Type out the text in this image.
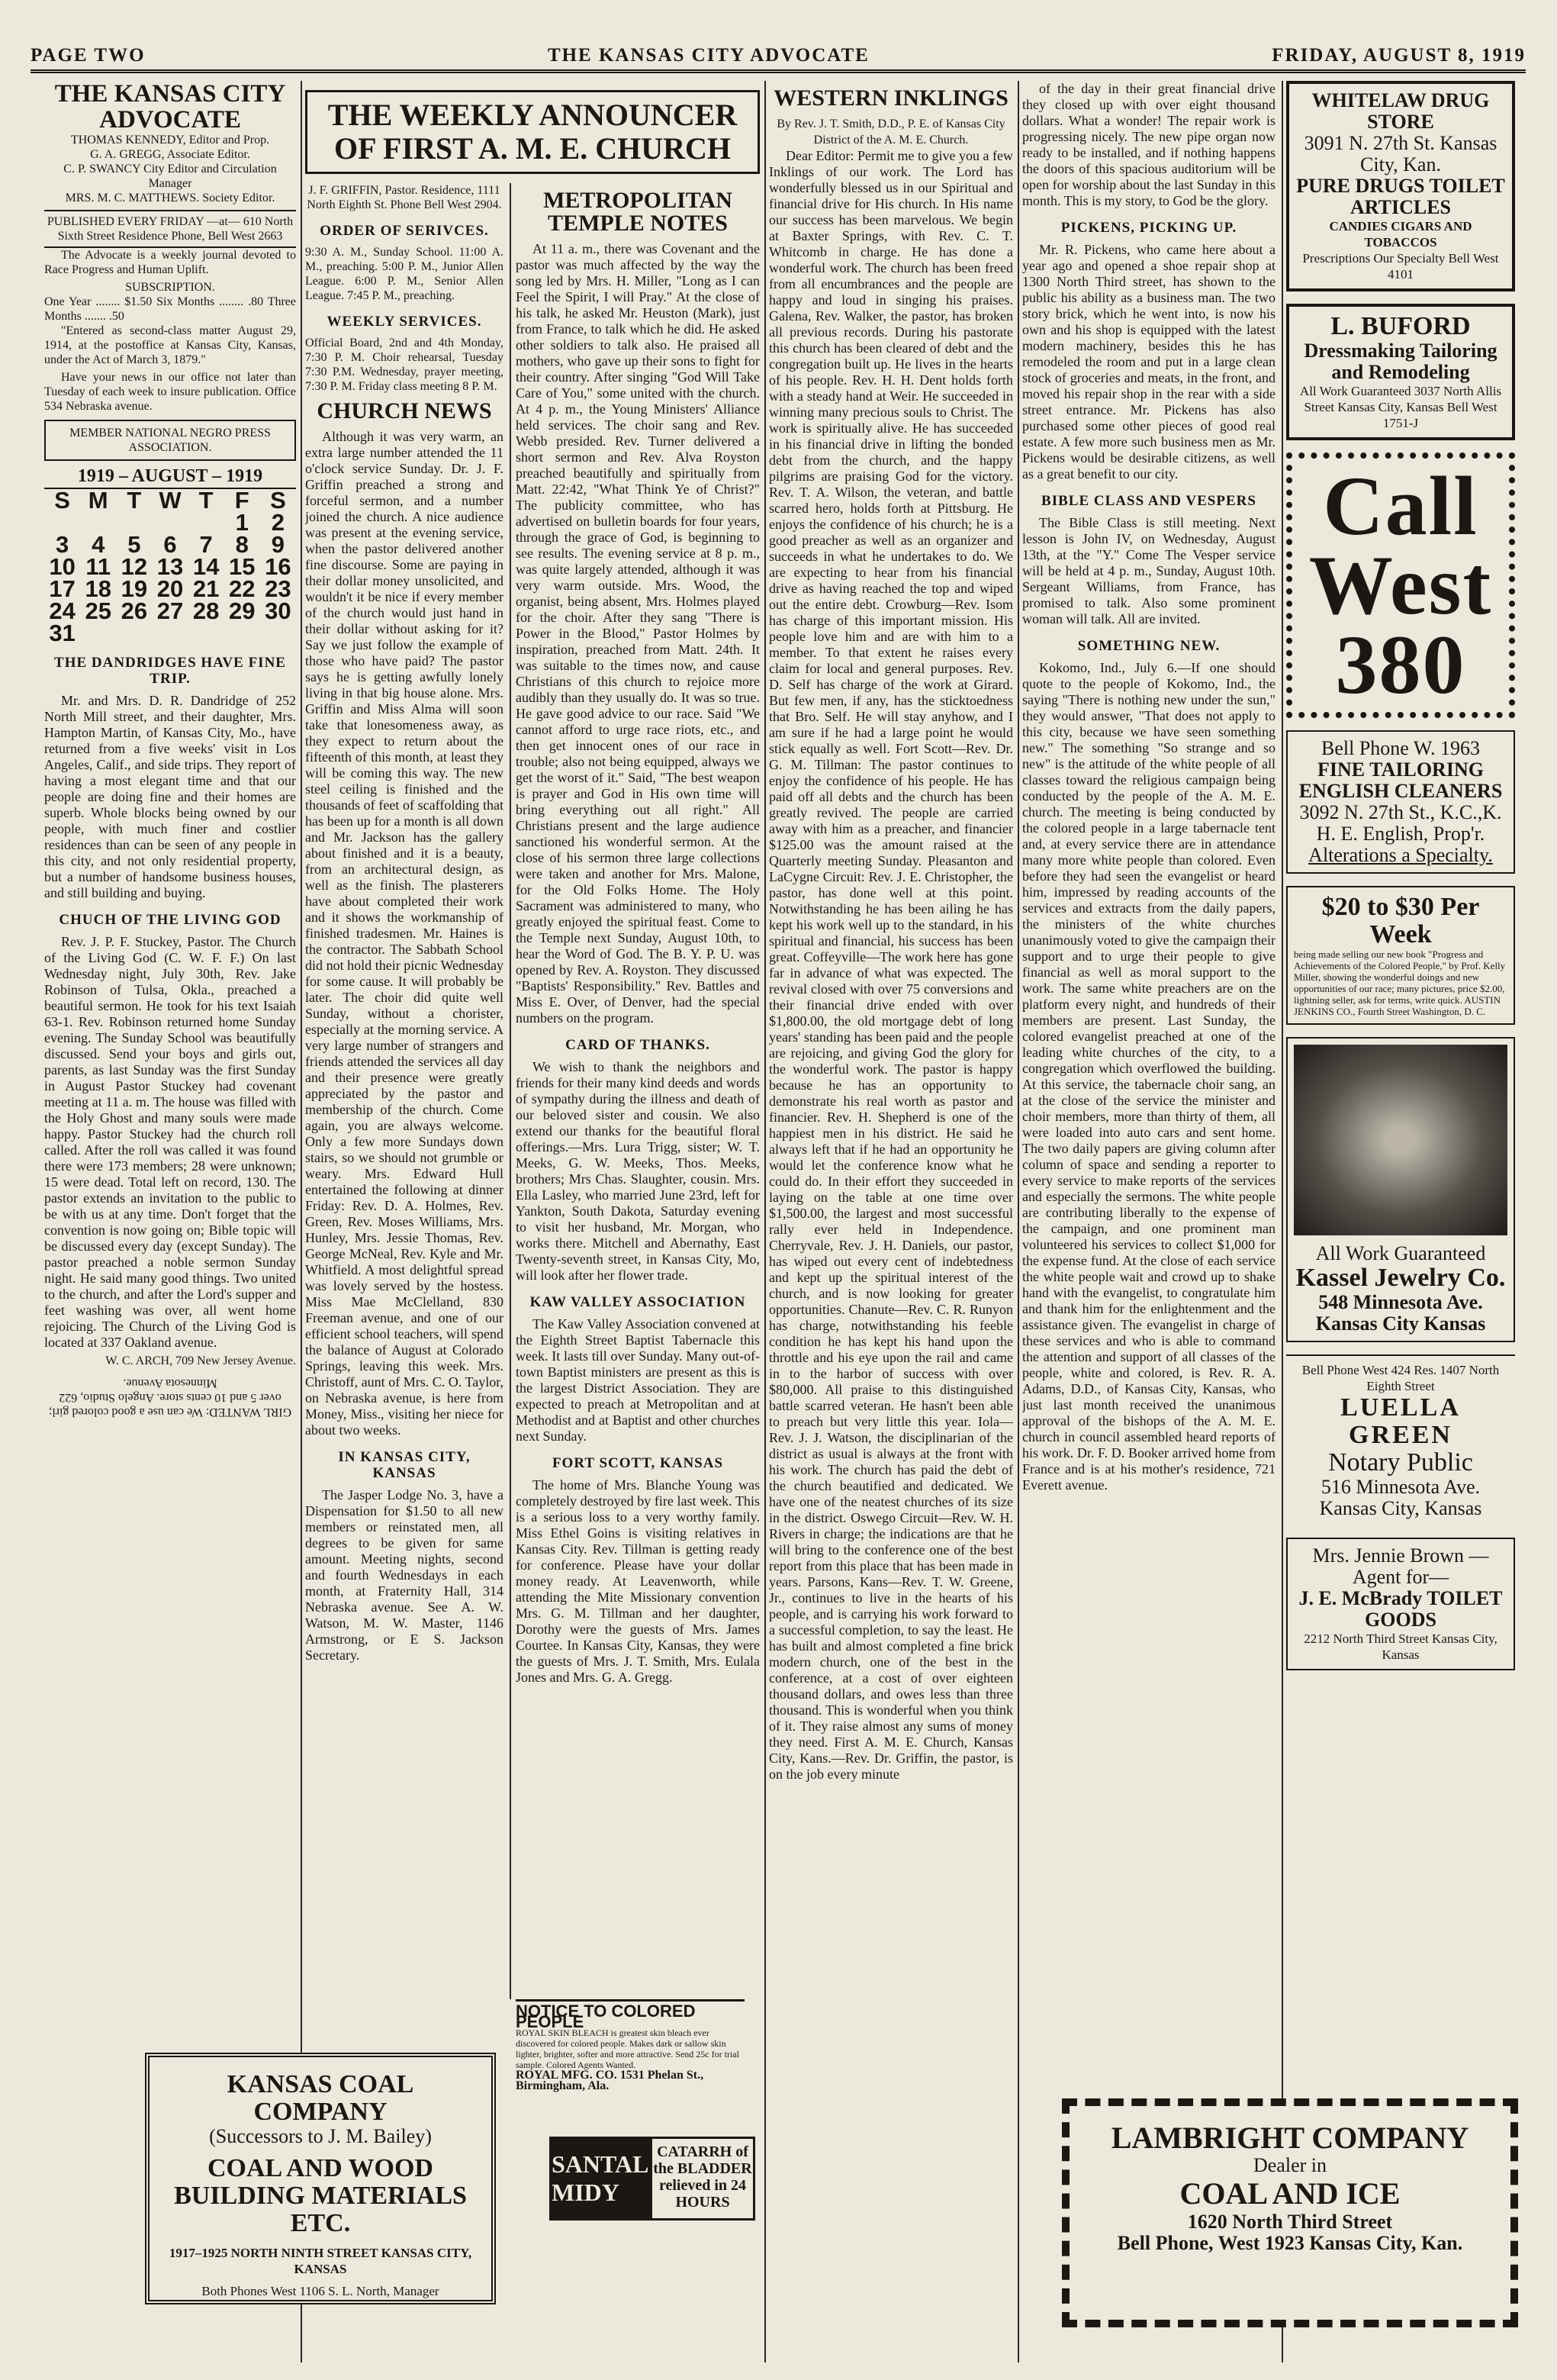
PAGE TWO	THE KANSAS CITY ADVOCATE	FRIDAY, AUGUST 8, 1919
THE KANSAS CITY ADVOCATE
THOMAS KENNEDY, Editor and Prop.
G. A. GREGG, Associate Editor.
C. P. SWANCY City Editor and Circulation Manager
MRS. M. C. MATTHEWS. Society Editor.
PUBLISHED EVERY FRIDAY —at— 610 North Sixth Street Residence Phone, Bell West 2663

The Advocate is a weekly journal devoted to Race Progress and Human Uplift.

SUBSCRIPTION.
One Year ........ $1.50 Six Months ........ .80 Three Months ....... .50

"Entered as second-class matter August 29, 1914, at the postoffice at Kansas City, Kansas, under the Act of March 3, 1879."

Have your news in our office not later than Tuesday of each week to insure publication. Office 534 Nebraska avenue.

MEMBER NATIONAL NEGRO PRESS ASSOCIATION.
1919 – AUGUST – 1919
S	M	T	W	T	F	S
					1	2
3	4	5	6	7	8	9
10	11	12	13	14	15	16
17	18	19	20	21	22	23
24	25	26	27	28	29	30
31						
THE DANDRIDGES HAVE FINE TRIP.

Mr. and Mrs. D. R. Dandridge of 252 North Mill street, and their daughter, Mrs. Hampton Martin, of Kansas City, Mo., have returned from a five weeks' visit in Los Angeles, Calif., and side trips. They report of having a most elegant time and that our people are doing fine and their homes are superb. Whole blocks being owned by our people, with much finer and costlier residences than can be seen of any people in this city, and not only residential property, but a number of handsome business houses, and still building and buying.

CHUCH OF THE LIVING GOD

Rev. J. P. F. Stuckey, Pastor. The Church of the Living God (C. W. F. F.) On last Wednesday night, July 30th, Rev. Jake Robinson of Tulsa, Okla., preached a beautiful sermon. He took for his text Isaiah 63-1. Rev. Robinson returned home Sunday evening. The Sunday School was beautifully discussed. Send your boys and girls out, parents, as last Sunday was the first Sunday in August Pastor Stuckey had covenant meeting at 11 a. m. The house was filled with the Holy Ghost and many souls were made happy. Pastor Stuckey had the church roll called. After the roll was called it was found there were 173 members; 28 were unknown; 15 were dead. Total left on record, 130. The pastor extends an invitation to the public to be with us at any time. Don't forget that the convention is now going on; Bible topic will be discussed every day (except Sunday). The pastor preached a noble sermon Sunday night. He said many good things. Two united to the church, and after the Lord's supper and feet washing was over, all went home rejoicing. The Church of the Living God is located at 337 Oakland avenue.

W. C. ARCH, 709 New Jersey Avenue.
GIRL WANTED: We can use a good colored girl; over 5 and 10 cents store. Angelo Studio, 622 Minnesota Avenue.
THE WEEKLY ANNOUNCER
OF FIRST A. M. E. CHURCH
J. F. GRIFFIN, Pastor. Residence, 1111 North Eighth St. Phone Bell West 2904.
ORDER OF SERIVCES.
9:30 A. M., Sunday School. 11:00 A. M., preaching. 5:00 P. M., Junior Allen League. 6:00 P. M., Senior Allen League. 7:45 P. M., preaching.
WEEKLY SERVICES.
Official Board, 2nd and 4th Monday, 7:30 P. M. Choir rehearsal, Tuesday 7:30 P.M. Wednesday, prayer meeting, 7:30 P. M. Friday class meeting 8 P. M.
CHURCH NEWS

Although it was very warm, an extra large number attended the 11 o'clock service Sunday. Dr. J. F. Griffin preached a strong and forceful sermon, and a number joined the church. A nice audience was present at the evening service, when the pastor delivered another fine discourse. Some are paying in their dollar money unsolicited, and wouldn't it be nice if every member of the church would just hand in their dollar without asking for it? Say we just follow the example of those who have paid? The pastor says he is getting awfully lonely living in that big house alone. Mrs. Griffin and Miss Alma will soon take that lonesomeness away, as they expect to return about the fifteenth of this month, at least they will be coming this way. The new steel ceiling is finished and the thousands of feet of scaffolding that has been up for a month is all down and Mr. Jackson has the gallery about finished and it is a beauty, from an architectural design, as well as the finish. The plasterers have about completed their work and it shows the workmanship of finished tradesmen. Mr. Haines is the contractor. The Sabbath School did not hold their picnic Wednesday for some cause. It will probably be later. The choir did quite well Sunday, without a chorister, especially at the morning service. A very large number of strangers and friends attended the services all day and their presence were greatly appreciated by the pastor and membership of the church. Come again, you are always welcome. Only a few more Sundays down stairs, so we should not grumble or weary. Mrs. Edward Hull entertained the following at dinner Friday: Rev. D. A. Holmes, Rev. Green, Rev. Moses Williams, Mrs. Hunley, Mrs. Jessie Thomas, Rev. George McNeal, Rev. Kyle and Mr. Whitfield. A most delightful spread was lovely served by the hostess. Miss Mae McClelland, 830 Freeman avenue, and one of our efficient school teachers, will spend the balance of August at Colorado Springs, leaving this week. Mrs. Christoff, aunt of Mrs. C. O. Taylor, on Nebraska avenue, is here from Money, Miss., visiting her niece for about two weeks.

IN KANSAS CITY, KANSAS

The Jasper Lodge No. 3, have a Dispensation for $1.50 to all new members or reinstated men, all degrees to be given for same amount. Meeting nights, second and fourth Wednesdays in each month, at Fraternity Hall, 314 Nebraska avenue. See A. W. Watson, M. W. Master, 1146 Armstrong, or E S. Jackson Secretary.

METROPOLITAN TEMPLE NOTES

At 11 a. m., there was Covenant and the pastor was much affected by the way the song led by Mrs. H. Miller, "Long as I can Feel the Spirit, I will Pray." At the close of his talk, he asked Mr. Heuston (Mark), just from France, to talk which he did. He asked other soldiers to talk also. He praised all mothers, who gave up their sons to fight for their country. After singing "God Will Take Care of You," some united with the church. At 4 p. m., the Young Ministers' Alliance held services. The choir sang and Rev. Webb presided. Rev. Turner delivered a short sermon and Rev. Alva Royston preached beautifully and spiritually from Matt. 22:42, "What Think Ye of Christ?" The publicity committee, who has advertised on bulletin boards for four years, through the grace of God, is beginning to see results. The evening service at 8 p. m., was quite largely attended, although it was very warm outside. Mrs. Wood, the organist, being absent, Mrs. Holmes played for the choir. After they sang "There is Power in the Blood," Pastor Holmes by inspiration, preached from Matt. 24th. It was suitable to the times now, and cause Christians of this church to rejoice more audibly than they usually do. It was so true. He gave good advice to our race. Said "We cannot afford to urge race riots, etc., and then get innocent ones of our race in trouble; also not being equipped, always we get the worst of it." Said, "The best weapon is prayer and God in His own time will bring everything out all right." All Christians present and the large audience sanctioned his wonderful sermon. At the close of his sermon three large collections were taken and another for Mrs. Malone, for the Old Folks Home. The Holy Sacrament was administered to many, who greatly enjoyed the spiritual feast. Come to the Temple next Sunday, August 10th, to hear the Word of God. The B. Y. P. U. was opened by Rev. A. Royston. They discussed "Baptists' Responsibility." Rev. Battles and Miss E. Over, of Denver, had the special numbers on the program.

CARD OF THANKS.

We wish to thank the neighbors and friends for their many kind deeds and words of sympathy during the illness and death of our beloved sister and cousin. We also extend our thanks for the beautiful floral offerings.—Mrs. Lura Trigg, sister; W. T. Meeks, G. W. Meeks, Thos. Meeks, brothers; Mrs Chas. Slaughter, cousin. Mrs. Ella Lasley, who married June 23rd, left for Yankton, South Dakota, Saturday evening to visit her husband, Mr. Morgan, who works there. Mitchell and Abernathy, East Twenty-seventh street, in Kansas City, Mo, will look after her flower trade.

KAW VALLEY ASSOCIATION

The Kaw Valley Association convened at the Eighth Street Baptist Tabernacle this week. It lasts till over Sunday. Many out-of-town Baptist ministers are present as this is the largest District Association. They are expected to preach at Metropolitan and at Methodist and at Baptist and other churches next Sunday.

FORT SCOTT, KANSAS

The home of Mrs. Blanche Young was completely destroyed by fire last week. This is a serious loss to a very worthy family. Miss Ethel Goins is visiting relatives in Kansas City. Rev. Tillman is getting ready for conference. Please have your dollar money ready. At Leavenworth, while attending the Mite Missionary convention Mrs. G. M. Tillman and her daughter, Dorothy were the guests of Mrs. James Courtee. In Kansas City, Kansas, they were the guests of Mrs. J. T. Smith, Mrs. Eulala Jones and Mrs. G. A. Gregg.

WESTERN INKLINGS
By Rev. J. T. Smith, D.D., P. E. of Kansas City District of the A. M. E. Church.

Dear Editor: Permit me to give you a few Inklings of our work. The Lord has wonderfully blessed us in our Spiritual and financial drive for His church. In His name our success has been marvelous. We begin at Baxter Springs, with Rev. C. T. Whitcomb in charge. He has done a wonderful work. The church has been freed from all encumbrances and the people are happy and loud in singing his praises. Galena, Rev. Walker, the pastor, has broken all previous records. During his pastorate this church has been cleared of debt and the congregation built up. He lives in the hearts of his people. Rev. H. H. Dent holds forth with a steady hand at Weir. He succeeded in winning many precious souls to Christ. The work is spiritually alive. He has succeeded in his financial drive in lifting the bonded debt from the church, and the happy pilgrims are praising God for the victory. Rev. T. A. Wilson, the veteran, and battle scarred hero, holds forth at Pittsburg. He enjoys the confidence of his church; he is a good preacher as well as an organizer and succeeds in what he undertakes to do. We are expecting to hear from his financial drive as having reached the top and wiped out the entire debt. Crowburg—Rev. Isom has charge of this important mission. His people love him and are with him to a member. To that extent he raises every claim for local and general purposes. Rev. D. Self has charge of the work at Girard. But few men, if any, has the sticktoedness that Bro. Self. He will stay anyhow, and I am sure if he had a large point he would stick equally as well. Fort Scott—Rev. Dr. G. M. Tillman: The pastor continues to enjoy the confidence of his people. He has paid off all debts and the church has been greatly revived. The people are carried away with him as a preacher, and financier $125.00 was the amount raised at the Quarterly meeting Sunday. Pleasanton and LaCygne Circuit: Rev. J. E. Christopher, the pastor, has done well at this point. Notwithstanding he has been ailing he has kept his work well up to the standard, in his spiritual and financial, his success has been great. Coffeyville—The work here has gone far in advance of what was expected. The revival closed with over 75 conversions and their financial drive ended with over $1,800.00, the old mortgage debt of long years' standing has been paid and the people are rejoicing, and giving God the glory for the wonderful work. The pastor is happy because he has an opportunity to demonstrate his real worth as pastor and financier. Rev. H. Shepherd is one of the happiest men in his district. He said he always left that if he had an opportunity he would let the conference know what he could do. In their effort they succeeded in laying on the table at one time over $1,500.00, the largest and most successful rally ever held in Independence. Cherryvale, Rev. J. H. Daniels, our pastor, has wiped out every cent of indebtedness and kept up the spiritual interest of the church, and is now looking for greater opportunities. Chanute—Rev. C. R. Runyon has charge, notwithstanding his feeble condition he has kept his hand upon the throttle and his eye upon the rail and came in to the harbor of success with over $80,000. All praise to this distinguished battle scarred veteran. He hasn't been able to preach but very little this year. Iola—Rev. J. J. Watson, the disciplinarian of the district as usual is always at the front with his work. The church has paid the debt of the church beautified and dedicated. We have one of the neatest churches of its size in the district. Oswego Circuit—Rev. W. H. Rivers in charge; the indications are that he will bring to the conference one of the best report from this place that has been made in years. Parsons, Kans—Rev. T. W. Greene, Jr., continues to live in the hearts of his people, and is carrying his work forward to a successful completion, to say the least. He has built and almost completed a fine brick modern church, one of the best in the conference, at a cost of over eighteen thousand dollars, and owes less than three thousand. This is wonderful when you think of it. They raise almost any sums of money they need. First A. M. E. Church, Kansas City, Kans.—Rev. Dr. Griffin, the pastor, is on the job every minute

of the day in their great financial drive they closed up with over eight thousand dollars. What a wonder! The repair work is progressing nicely. The new pipe organ now ready to be installed, and if nothing happens the doors of this spacious auditorium will be open for worship about the last Sunday in this month. This is my story, to God be the glory.

PICKENS, PICKING UP.

Mr. R. Pickens, who came here about a year ago and opened a shoe repair shop at 1300 North Third street, has shown to the public his ability as a business man. The two story brick, which he went into, is now his own and his shop is equipped with the latest modern machinery, besides this he has remodeled the room and put in a large clean stock of groceries and meats, in the front, and moved his repair shop in the rear with a side street entrance. Mr. Pickens has also purchased some other pieces of good real estate. A few more such business men as Mr. Pickens would be desirable citizens, as well as a great benefit to our city.

BIBLE CLASS AND VESPERS

The Bible Class is still meeting. Next lesson is John IV, on Wednesday, August 13th, at the "Y." Come The Vesper service will be held at 4 p. m., Sunday, August 10th. Sergeant Williams, from France, has promised to talk. Also some prominent woman will talk. All are invited.

SOMETHING NEW.

Kokomo, Ind., July 6.—If one should quote to the people of Kokomo, Ind., the saying "There is nothing new under the sun," they would answer, "That does not apply to this city, because we have seen something new." The something "So strange and so new" is the attitude of the white people of all classes toward the religious campaign being conducted by the people of the A. M. E. church. The meeting is being conducted by the colored people in a large tabernacle tent and, at every service there are in attendance many more white people than colored. Even before they had seen the evangelist or heard him, impressed by reading accounts of the services and extracts from the daily papers, the ministers of the white churches unanimously voted to give the campaign their support and to urge their people to give financial as well as moral support to the work. The same white preachers are on the platform every night, and hundreds of their members are present. Last Sunday, the colored evangelist preached at one of the leading white churches of the city, to a congregation which overflowed the building. At this service, the tabernacle choir sang, an at the close of the service the minister and choir members, more than thirty of them, all were loaded into auto cars and sent home. The two daily papers are giving column after column of space and sending a reporter to every service to make reports of the services and especially the sermons. The white people are contributing liberally to the expense of the campaign, and one prominent man volunteered his services to collect $1,000 for the expense fund. At the close of each service the white people wait and crowd up to shake hand with the evangelist, to congratulate him and thank him for the enlightenment and the assistance given. The evangelist in charge of these services and who is able to command the attention and support of all classes of the people, white and colored, is Rev. R. A. Adams, D.D., of Kansas City, Kansas, who just last month received the unanimous approval of the bishops of the A. M. E. church in council assembled heard reports of his work. Dr. F. D. Booker arrived home from France and is at his mother's residence, 721 Everett avenue.

WHITELAW DRUG STORE
3091 N. 27th St. Kansas City, Kan.
PURE DRUGS TOILET ARTICLES
CANDIES CIGARS AND TOBACCOS
Prescriptions Our Specialty Bell West 4101
L. BUFORD
Dressmaking Tailoring and Remodeling
All Work Guaranteed 3037 North Allis Street Kansas City, Kansas Bell West 1751-J
Call
West
380
Bell Phone W. 1963
FINE TAILORING ENGLISH CLEANERS
3092 N. 27th St., K.C.,K. H. E. English, Prop'r.
Alterations a Specialty.
$20 to $30 Per Week
being made selling our new book "Progress and Achievements of the Colored People," by Prof. Kelly Miller, showing the wonderful doings and new opportunities of our race; many pictures, price $2.00, lightning seller, ask for terms, write quick. AUSTIN JENKINS CO., Fourth Street Washington, D. C.
All Work Guaranteed
Kassel Jewelry Co.
548 Minnesota Ave.
Kansas City Kansas
Bell Phone West 424 Res. 1407 North Eighth Street
LUELLA GREEN
Notary Public
516 Minnesota Ave. Kansas City, Kansas
Mrs. Jennie Brown —Agent for—
J. E. McBrady TOILET GOODS
2212 North Third Street Kansas City, Kansas
KANSAS COAL COMPANY
(Successors to J. M. Bailey)
COAL AND WOOD BUILDING MATERIALS ETC.
1917–1925 NORTH NINTH STREET KANSAS CITY, KANSAS
Both Phones West 1106 S. L. North, Manager
NOTICE TO COLORED PEOPLE
ROYAL SKIN BLEACH is greatest skin bleach ever discovered for colored people. Makes dark or sallow skin lighter, brighter, softer and more attractive. Send 25c for trial sample. Colored Agents Wanted.
ROYAL MFG. CO. 1531 Phelan St., Birmingham, Ala.
SANTAL MIDY
CATARRH of the BLADDER relieved in 24 HOURS
LAMBRIGHT COMPANY
Dealer in
COAL AND ICE
1620 North Third Street
Bell Phone, West 1923 Kansas City, Kan.
